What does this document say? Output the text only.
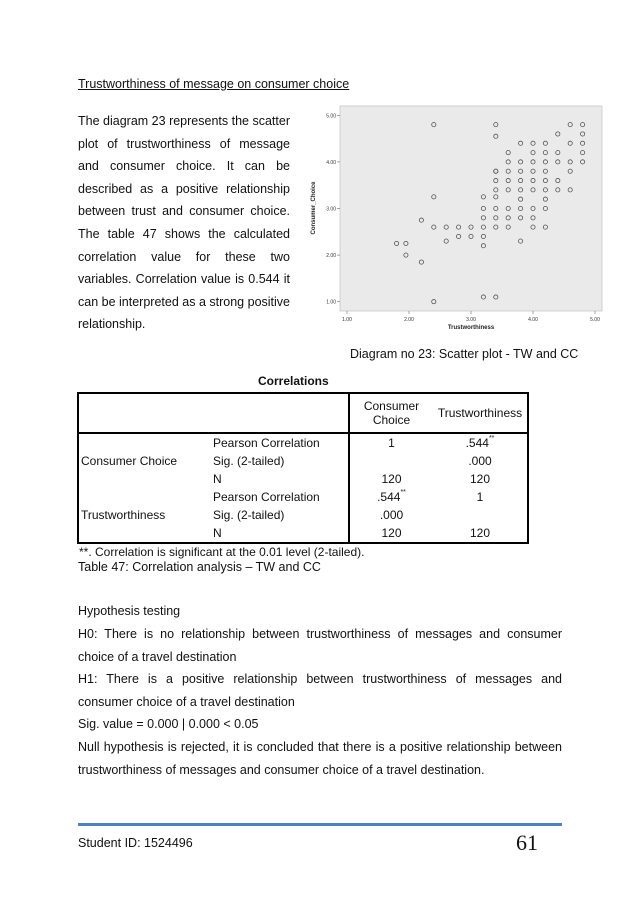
Trustworthiness of message on consumer choice
The diagram 23 represents the scatter plot of trustworthiness of message and consumer choice. It can be described as a positive relationship between trust and consumer choice. The table 47 shows the calculated correlation value for these two variables. Correlation value is 0.544 it can be interpreted as a strong positive relationship.
1.00
2.00
3.00
4.00
5.00
1.00	2.00	3.00	4.00	5.00
Trustworthiness
Consumer_Choice
Diagram no 23: Scatter plot - TW and CC
Correlations
		Consumer Choice	Trustworthiness
Consumer Choice	Pearson Correlation	1	.544**
	Sig. (2-tailed)		.000
	N	120	120
Trustworthiness	Pearson Correlation	.544**	1
	Sig. (2-tailed)	.000	
	N	120	120
**. Correlation is significant at the 0.01 level (2-tailed).
Table 47: Correlation analysis – TW and CC
Hypothesis testing
H0: There is no relationship between trustworthiness of messages and consumer choice of a travel destination
H1: There is a positive relationship between trustworthiness of messages and consumer choice of a travel destination
Sig. value = 0.000 | 0.000 < 0.05
Null hypothesis is rejected, it is concluded that there is a positive relationship between trustworthiness of messages and consumer choice of a travel destination.
Student ID: 1524496	61
